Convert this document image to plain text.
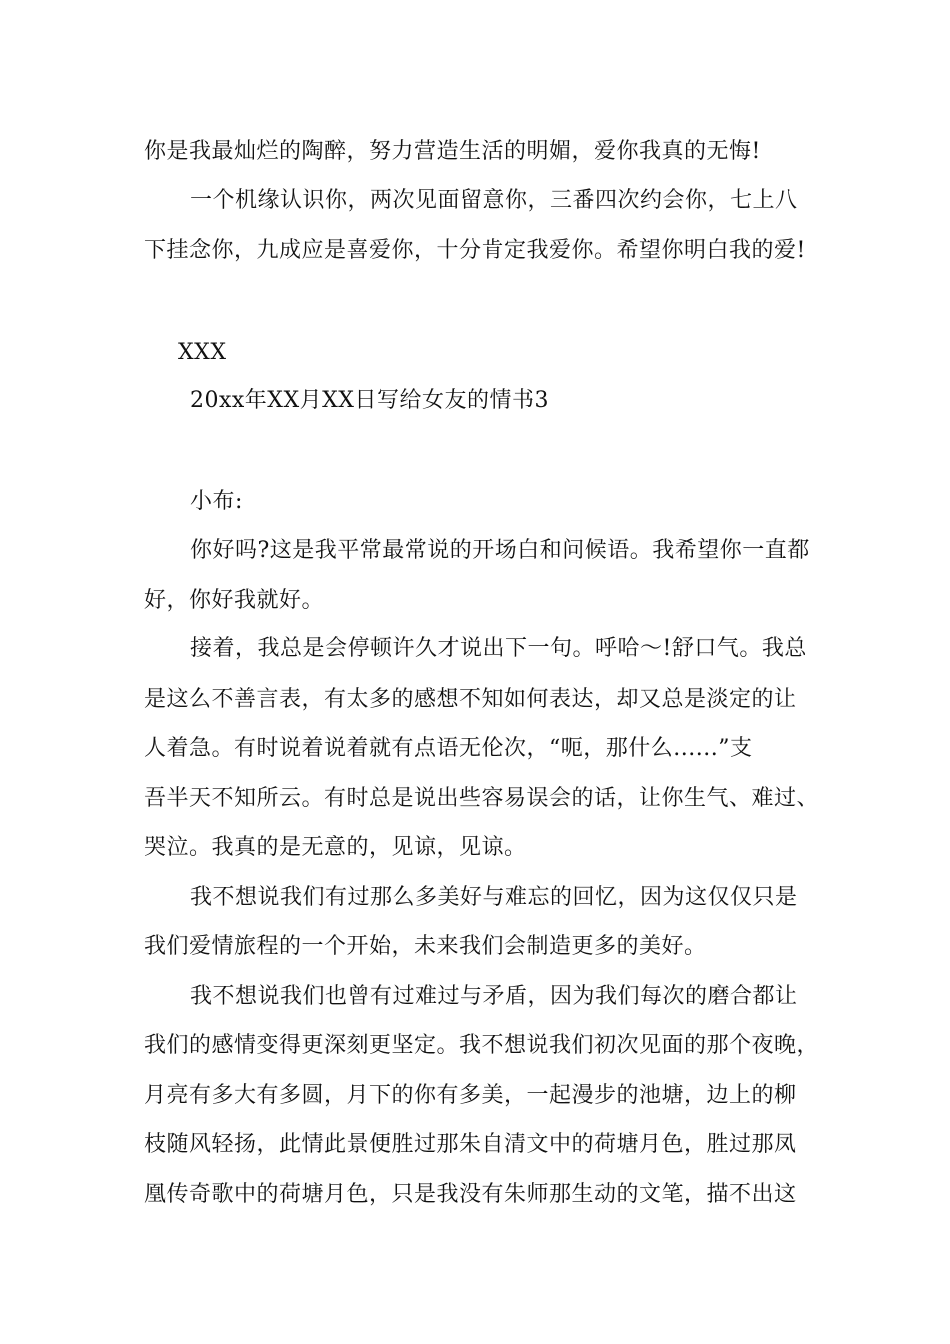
你是我最灿烂的陶醉，努力营造生活的明媚，爱你我真的无悔!
一个机缘认识你，两次见面留意你，三番四次约会你，七上八
下挂念你，九成应是喜爱你，十分肯定我爱你。希望你明白我的爱!
XXX
20xx年XX月XX日写给女友的情书3
小布:
你好吗?这是我平常最常说的开场白和问候语。我希望你一直都
好，你好我就好。
接着，我总是会停顿许久才说出下一句。呼哈～!舒口气。我总
是这么不善言表，有太多的感想不知如何表达，却又总是淡定的让
人着急。有时说着说着就有点语无伦次，“呃，那什么......”支
吾半天不知所云。有时总是说出些容易误会的话，让你生气、难过、
哭泣。我真的是无意的，见谅，见谅。
我不想说我们有过那么多美好与难忘的回忆，因为这仅仅只是
我们爱情旅程的一个开始，未来我们会制造更多的美好。
我不想说我们也曾有过难过与矛盾，因为我们每次的磨合都让
我们的感情变得更深刻更坚定。我不想说我们初次见面的那个夜晚，
月亮有多大有多圆，月下的你有多美，一起漫步的池塘，边上的柳
枝随风轻扬，此情此景便胜过那朱自清文中的荷塘月色，胜过那凤
凰传奇歌中的荷塘月色，只是我没有朱师那生动的文笔，描不出这
